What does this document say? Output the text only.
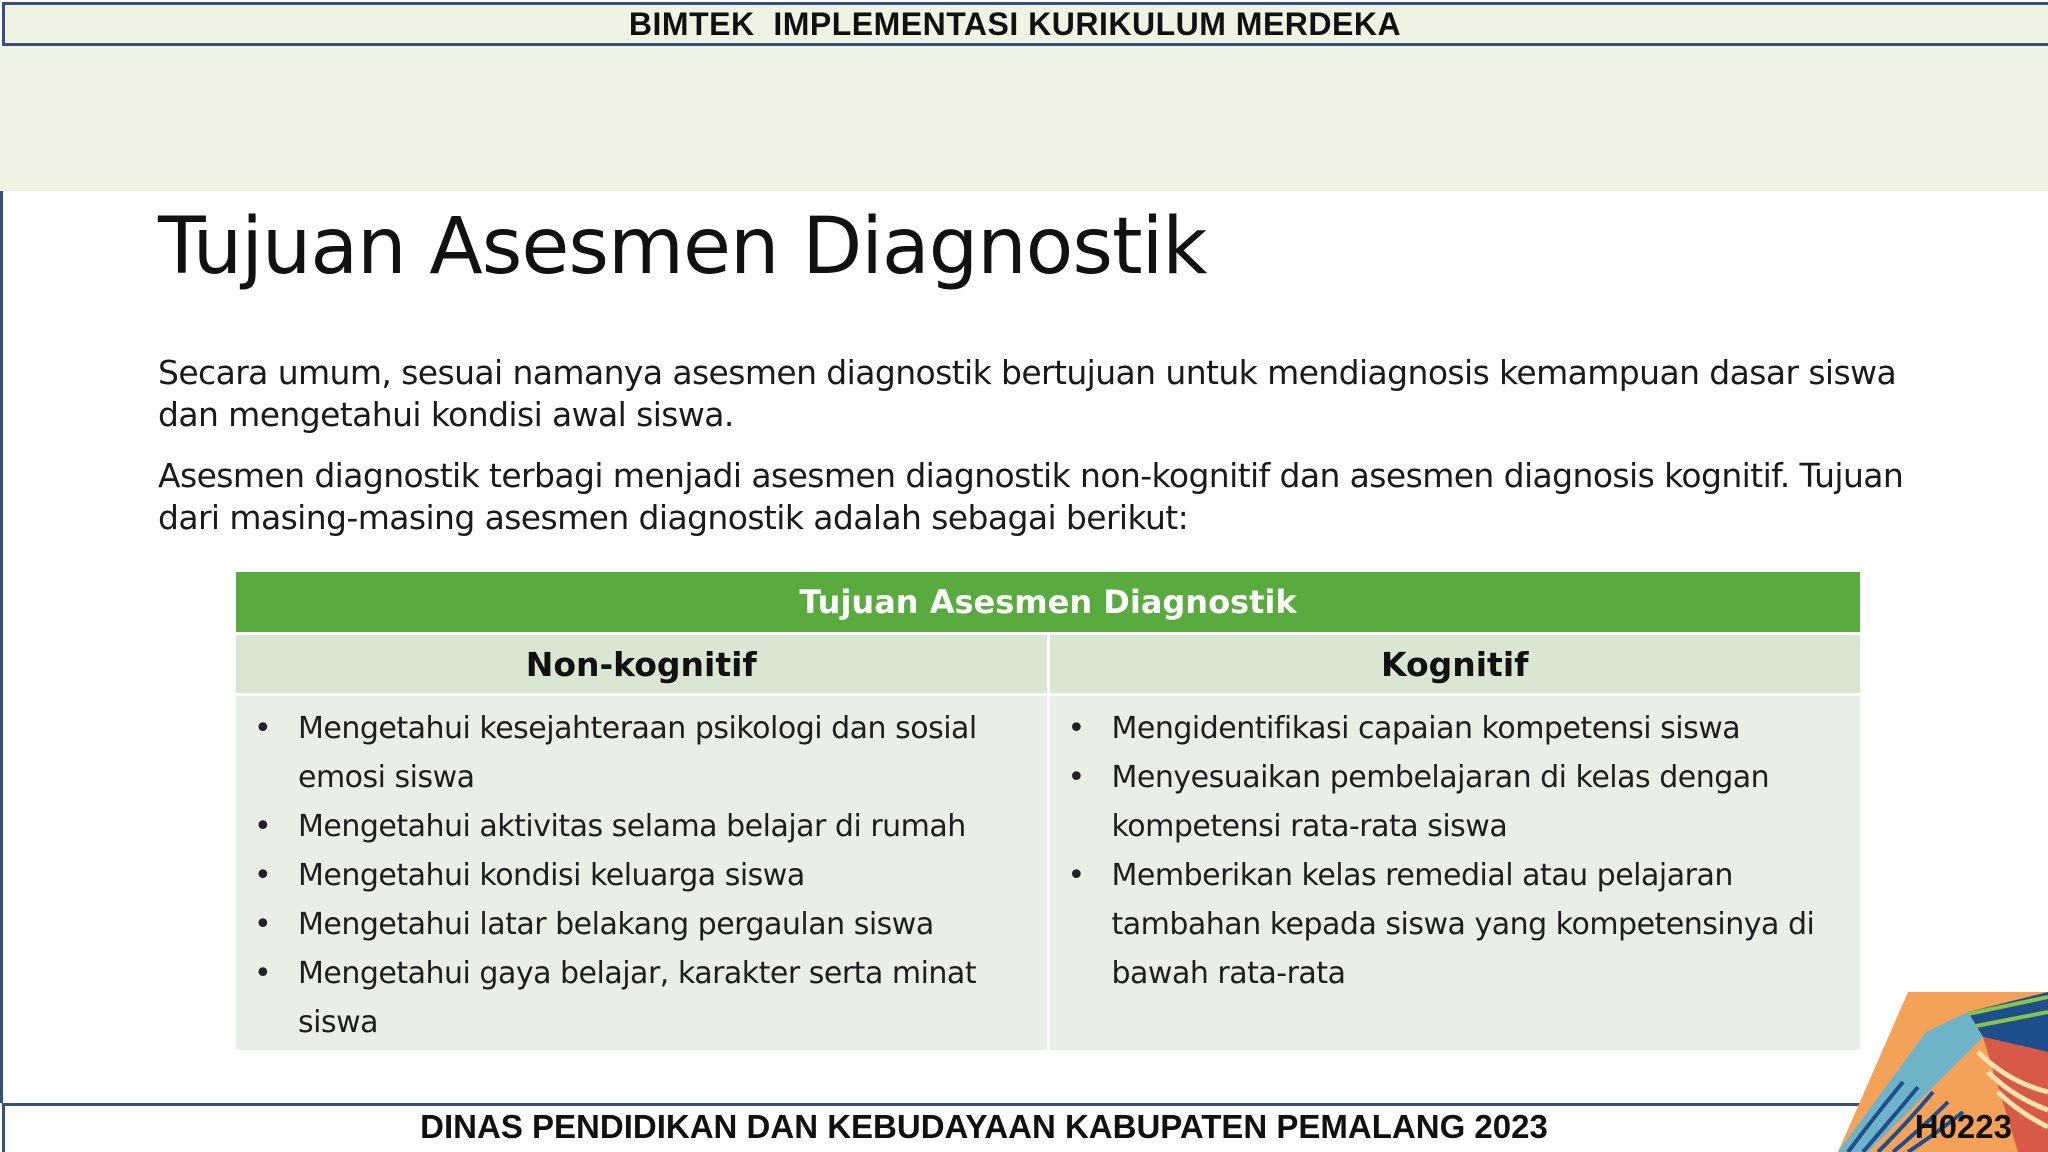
BIMTEK  IMPLEMENTASI KURIKULUM MERDEKA
Tujuan Asesmen Diagnostik

Secara umum, sesuai namanya asesmen diagnostik bertujuan untuk mendiagnosis kemampuan dasar siswa dan mengetahui kondisi awal siswa.

Asesmen diagnostik terbagi menjadi asesmen diagnostik non-kognitif dan asesmen diagnosis kognitif. Tujuan dari masing-masing asesmen diagnostik adalah sebagai berikut:

Tujuan Asesmen Diagnostik
Non-kognitif
• Mengetahui kesejahteraan psikologi dan sosial emosi siswa
• Mengetahui aktivitas selama belajar di rumah
• Mengetahui kondisi keluarga siswa
• Mengetahui latar belakang pergaulan siswa
• Mengetahui gaya belajar, karakter serta minat siswa
Kognitif
• Mengidentifikasi capaian kompetensi siswa
• Menyesuaikan pembelajaran di kelas dengan kompetensi rata-rata siswa
• Memberikan kelas remedial atau pelajaran tambahan kepada siswa yang kompetensinya di bawah rata-rata
DINAS PENDIDIKAN DAN KEBUDAYAAN KABUPATEN PEMALANG 2023	H0223
